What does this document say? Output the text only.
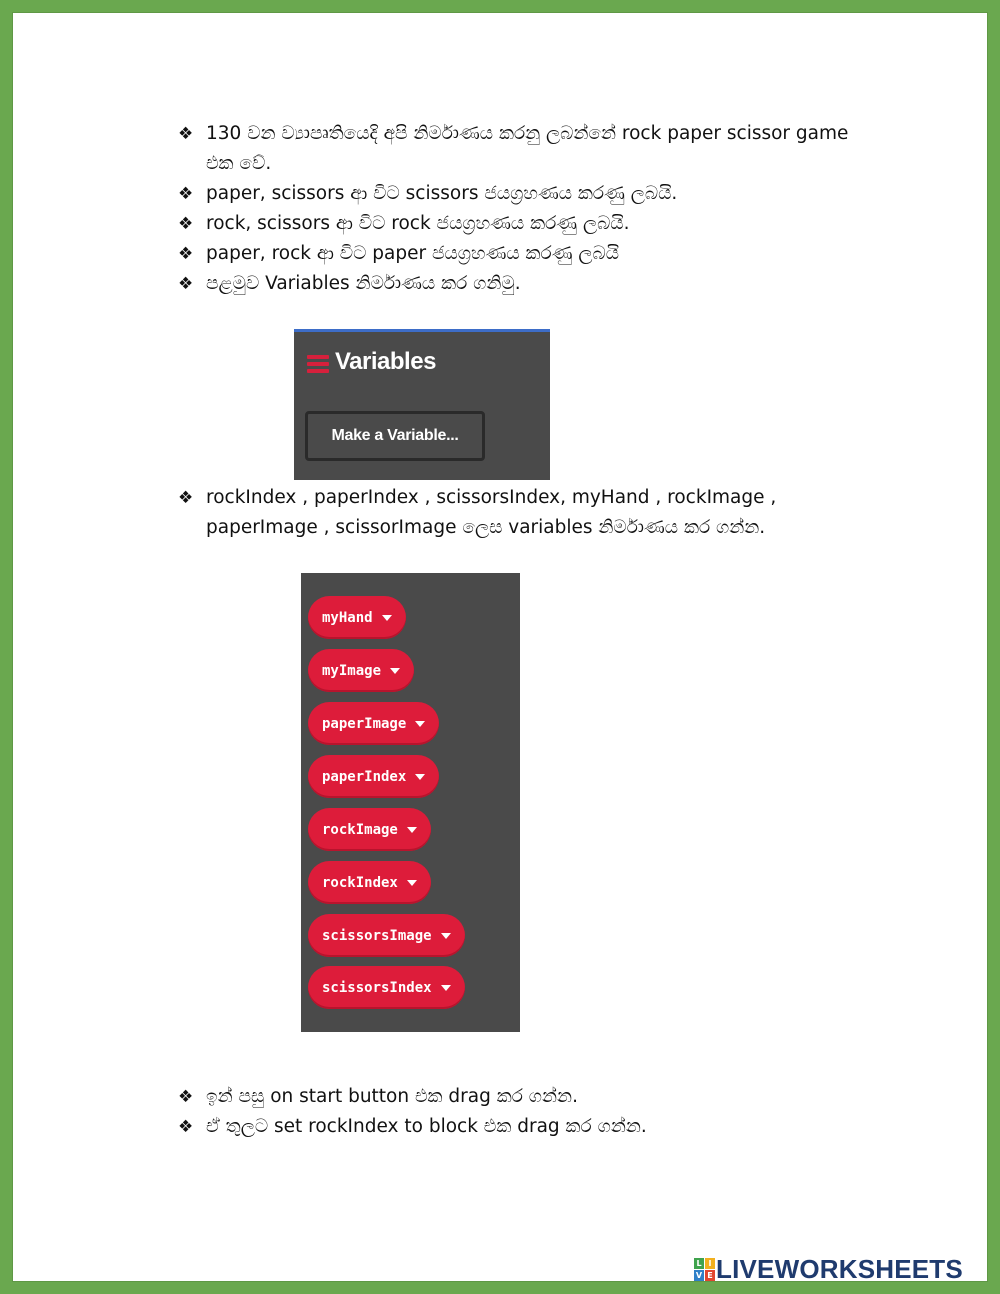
❖ 130 වන ව්‍යාපෘතියෙදි අපි නිර්මාණය කරනු ලබන්නේ rock paper scissor game එක වේ.
❖ paper, scissors ආ විට scissors ජයග්‍රහණය කරණු ලබයි.
❖ rock, scissors ආ විට rock ජයග්‍රහණය කරණු ලබයි.
❖ paper, rock ආ විට paper ජයග්‍රහණය කරණු ලබයි
❖ පළමුව Variables නිර්මාණය කර ගනිමු.
Variables
Make a Variable...
❖ rockIndex , paperIndex , scissorsIndex, myHand , rockImage , paperImage , scissorImage ලෙස variables නිර්මාණය කර ගන්න.
myHand
myImage
paperImage
paperIndex
rockImage
rockIndex
scissorsImage
scissorsIndex
❖ ඉන් පසු on start button එක drag කර ගන්න.
❖ ඒ තුලට set rockIndex to block එක drag කර ගන්න.
L I
V E LIVEWORKSHEETS
